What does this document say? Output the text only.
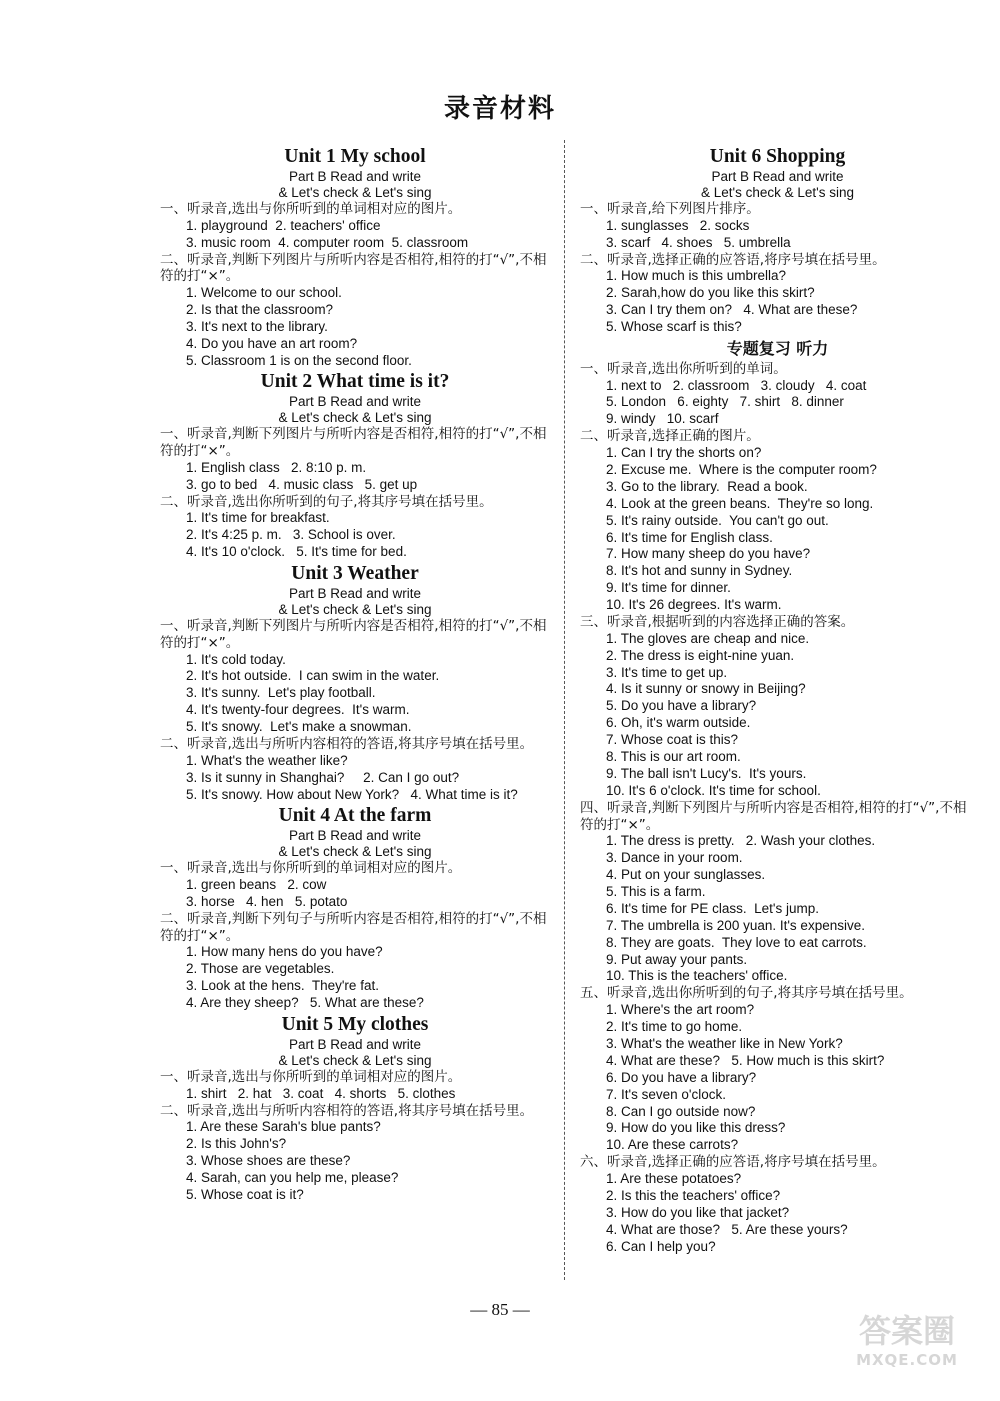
录音材料
Unit 1 My school
Part B Read and write
& Let's check & Let's sing
一、听录音,选出与你所听到的单词相对应的图片。
1. playground  2. teachers' office
3. music room  4. computer room  5. classroom
二、听录音,判断下列图片与所听内容是否相符,相符的打“√”,不相符的打“×”。
1. Welcome to our school.
2. Is that the classroom?
3. It's next to the library.
4. Do you have an art room?
5. Classroom 1 is on the second floor.
Unit 2 What time is it?
Part B Read and write
& Let's check & Let's sing
一、听录音,判断下列图片与所听内容是否相符,相符的打“√”,不相符的打“×”。
1. English class   2. 8:10 p. m.
3. go to bed   4. music class   5. get up
二、听录音,选出你所听到的句子,将其序号填在括号里。
1. It's time for breakfast.
2. It's 4:25 p. m.   3. School is over.
4. It's 10 o'clock.   5. It's time for bed.
Unit 3 Weather
Part B Read and write
& Let's check & Let's sing
一、听录音,判断下列图片与所听内容是否相符,相符的打“√”,不相符的打“×”。
1. It's cold today.
2. It's hot outside.  I can swim in the water.
3. It's sunny.  Let's play football.
4. It's twenty-four degrees.  It's warm.
5. It's snowy.  Let's make a snowman.
二、听录音,选出与所听内容相符的答语,将其序号填在括号里。
1. What's the weather like?
3. Is it sunny in Shanghai?     2. Can I go out?
5. It's snowy. How about New York?   4. What time is it?
Unit 4 At the farm
Part B Read and write
& Let's check & Let's sing
一、听录音,选出与你所听到的单词相对应的图片。
1. green beans   2. cow
3. horse   4. hen   5. potato
二、听录音,判断下列句子与所听内容是否相符,相符的打“√”,不相符的打“×”。
1. How many hens do you have?
2. Those are vegetables.
3. Look at the hens.  They're fat.
4. Are they sheep?   5. What are these?
Unit 5 My clothes
Part B Read and write
& Let's check & Let's sing
一、听录音,选出与你所听到的单词相对应的图片。
1. shirt   2. hat   3. coat   4. shorts   5. clothes
二、听录音,选出与所听内容相符的答语,将其序号填在括号里。
1. Are these Sarah's blue pants?
2. Is this John's?
3. Whose shoes are these?
4. Sarah, can you help me, please?
5. Whose coat is it?
Unit 6 Shopping
Part B Read and write
& Let's check & Let's sing
一、听录音,给下列图片排序。
1. sunglasses   2. socks
3. scarf   4. shoes   5. umbrella
二、听录音,选择正确的应答语,将序号填在括号里。
1. How much is this umbrella?
2. Sarah,how do you like this skirt?
3. Can I try them on?   4. What are these?
5. Whose scarf is this?
专题复习 听力
一、听录音,选出你所听到的单词。
1. next to   2. classroom   3. cloudy   4. coat
5. London   6. eighty   7. shirt   8. dinner
9. windy   10. scarf
二、听录音,选择正确的图片。
1. Can I try the shorts on?
2. Excuse me.  Where is the computer room?
3. Go to the library.  Read a book.
4. Look at the green beans.  They're so long.
5. It's rainy outside.  You can't go out.
6. It's time for English class.
7. How many sheep do you have?
8. It's hot and sunny in Sydney.
9. It's time for dinner.
10. It's 26 degrees. It's warm.
三、听录音,根据听到的内容选择正确的答案。
1. The gloves are cheap and nice.
2. The dress is eight-nine yuan.
3. It's time to get up.
4. Is it sunny or snowy in Beijing?
5. Do you have a library?
6. Oh, it's warm outside.
7. Whose coat is this?
8. This is our art room.
9. The ball isn't Lucy's.  It's yours.
10. It's 6 o'clock. It's time for school.
四、听录音,判断下列图片与所听内容是否相符,相符的打“√”,不相符的打“×”。
1. The dress is pretty.   2. Wash your clothes.
3. Dance in your room.
4. Put on your sunglasses.
5. This is a farm.
6. It's time for PE class.  Let's jump.
7. The umbrella is 200 yuan. It's expensive.
8. They are goats.  They love to eat carrots.
9. Put away your pants.
10. This is the teachers' office.
五、听录音,选出你所听到的句子,将其序号填在括号里。
1. Where's the art room?
2. It's time to go home.
3. What's the weather like in New York?
4. What are these?   5. How much is this skirt?
6. Do you have a library?
7. It's seven o'clock.
8. Can I go outside now?
9. How do you like this dress?
10. Are these carrots?
六、听录音,选择正确的应答语,将序号填在括号里。
1. Are these potatoes?
2. Is this the teachers' office?
3. How do you like that jacket?
4. What are those?   5. Are these yours?
6. Can I help you?
— 85 —
答案圈
MXQE.COM
